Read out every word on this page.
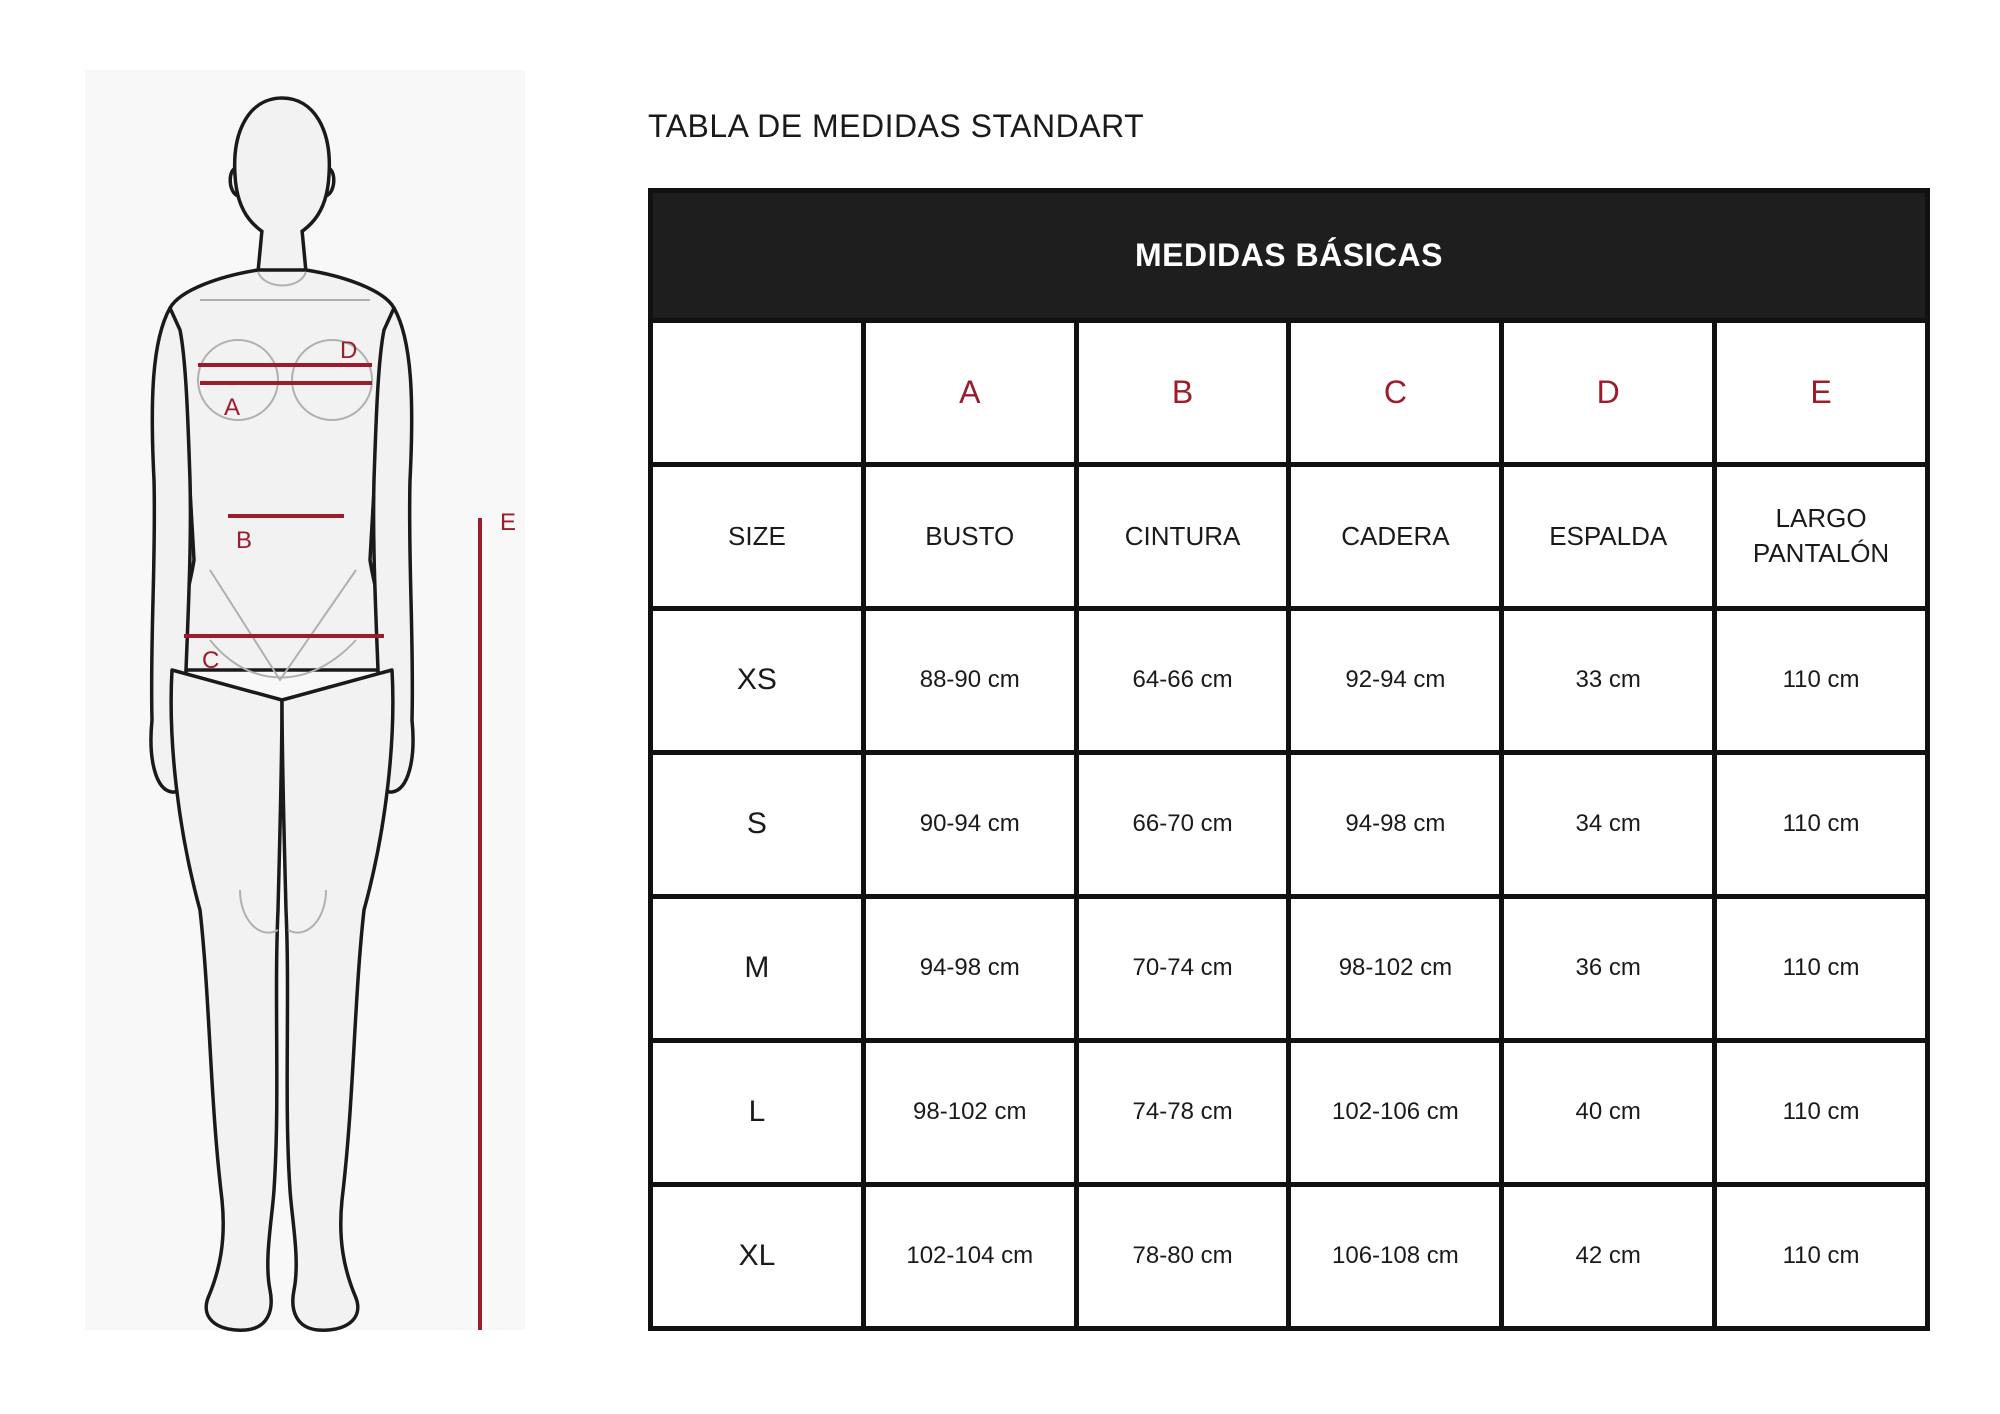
D
A
B
C
E
TABLA DE MEDIDAS STANDART
MEDIDAS BÁSICAS					
	A	B	C	D	E
SIZE	BUSTO	CINTURA	CADERA	ESPALDA	LARGO PANTALÓN
XS	88-90 cm	64-66 cm	92-94 cm	33 cm	110 cm
S	90-94 cm	66-70 cm	94-98 cm	34 cm	110 cm
M	94-98 cm	70-74 cm	98-102 cm	36 cm	110 cm
L	98-102 cm	74-78 cm	102-106 cm	40 cm	110 cm
XL	102-104 cm	78-80 cm	106-108 cm	42 cm	110 cm
